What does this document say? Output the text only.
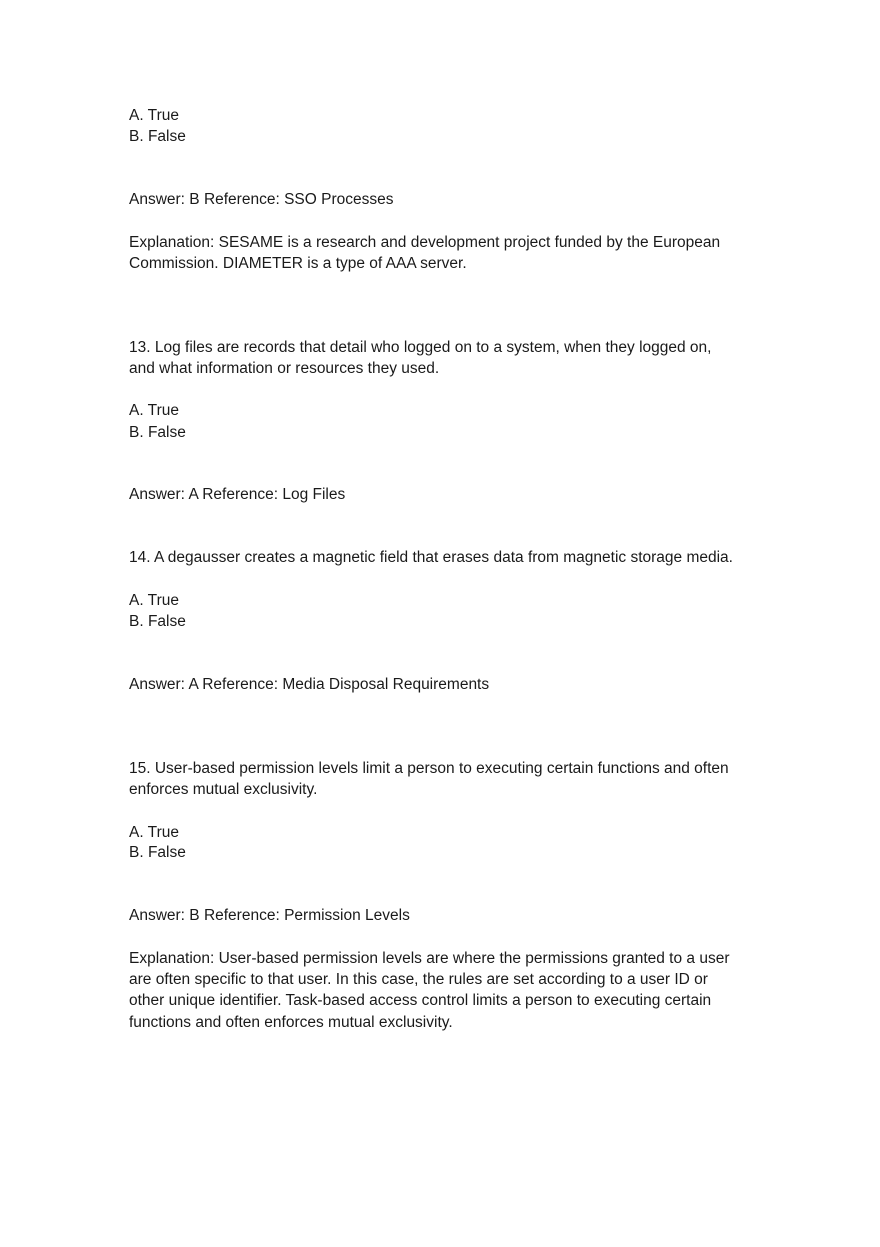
A. True

B. False

Answer: B Reference: SSO Processes

Explanation: SESAME is a research and development project funded by the European

Commission. DIAMETER is a type of AAA server.

13. Log files are records that detail who logged on to a system, when they logged on,

and what information or resources they used.

A. True

B. False

Answer: A Reference: Log Files

14. A degausser creates a magnetic field that erases data from magnetic storage media.

A. True

B. False

Answer: A Reference: Media Disposal Requirements

15. User-based permission levels limit a person to executing certain functions and often

enforces mutual exclusivity.

A. True

B. False

Answer: B Reference: Permission Levels

Explanation: User-based permission levels are where the permissions granted to a user

are often specific to that user. In this case, the rules are set according to a user ID or

other unique identifier. Task-based access control limits a person to executing certain

functions and often enforces mutual exclusivity.
